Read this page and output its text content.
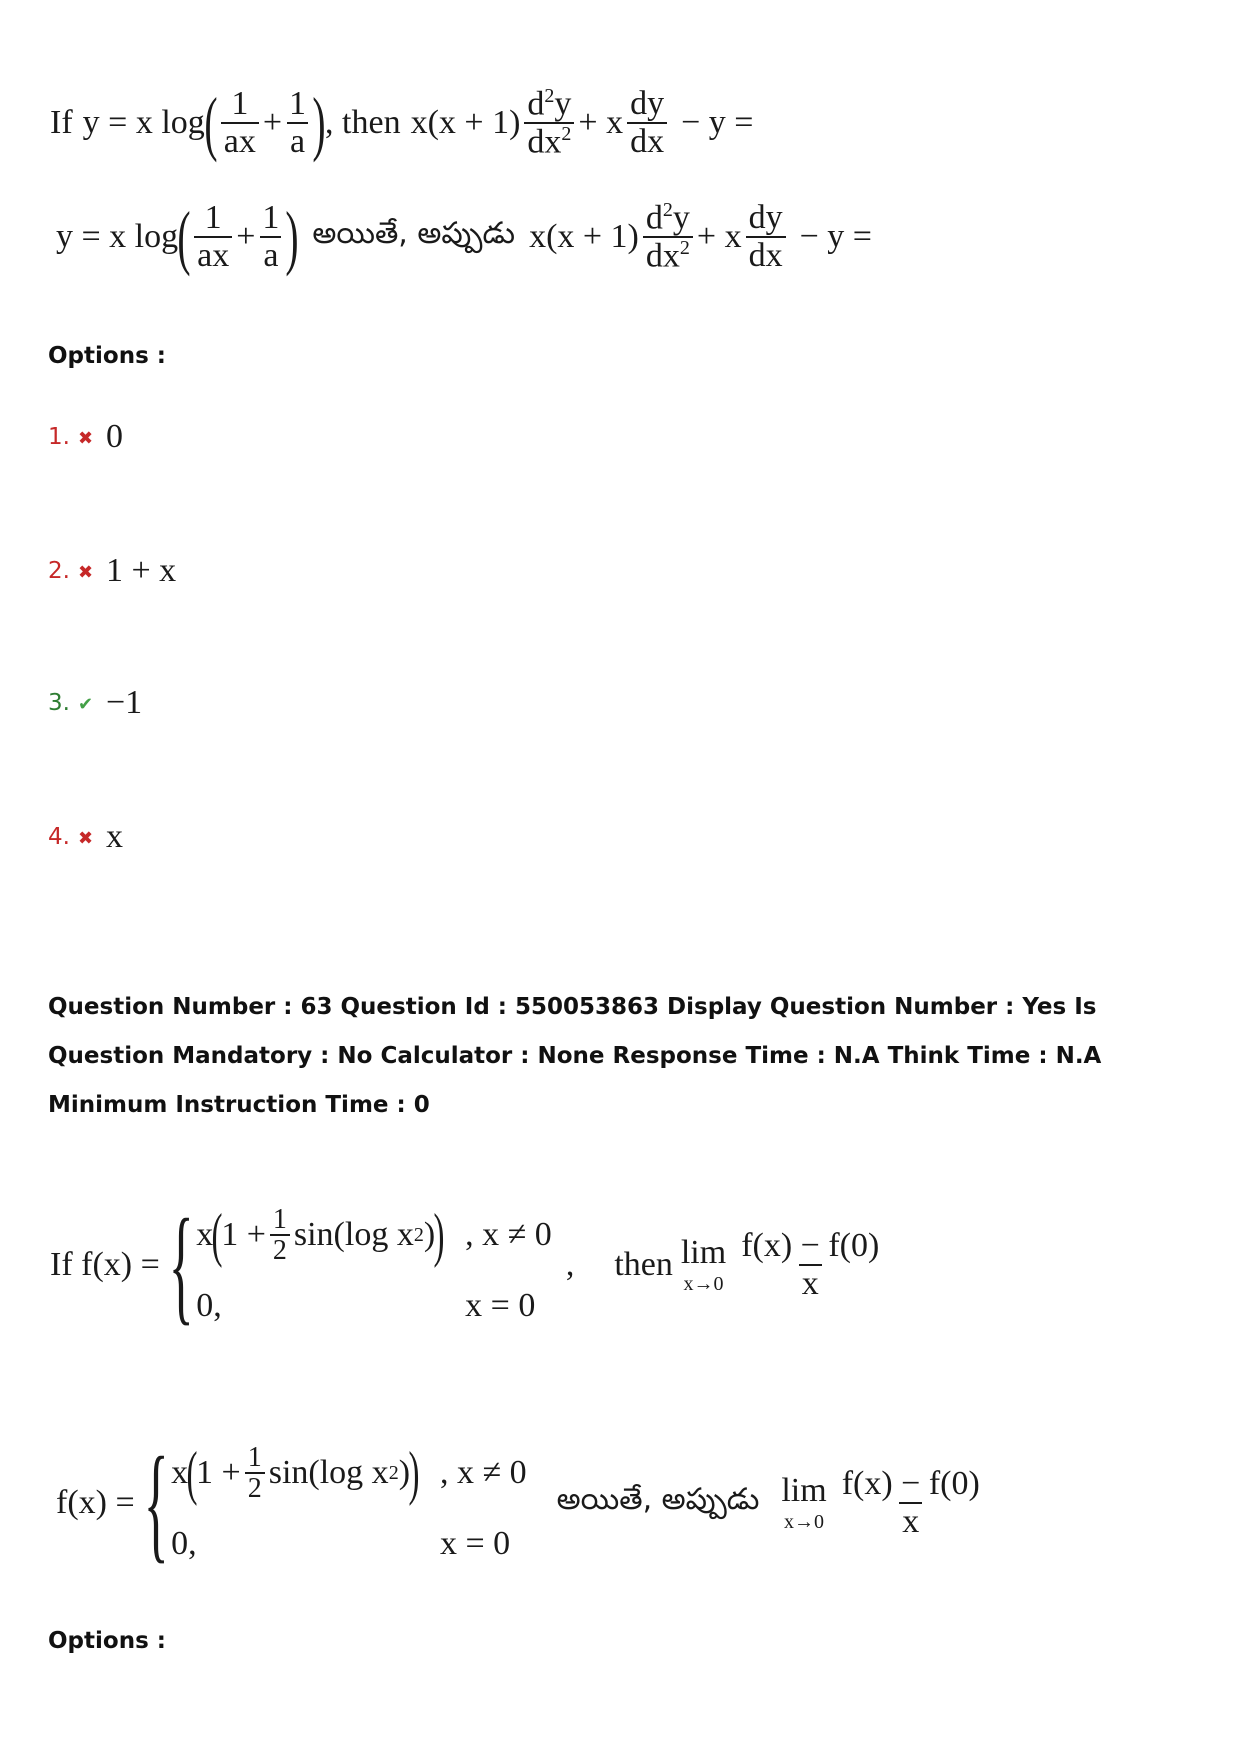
If y = x log ( $\frac{1}{ax} + \frac{1}{a}$ ) , then $x(x + 1) \frac{d^2y}{dx^2} + x \frac{dy}{dx} - y$ =
y = x log ( $\frac{1}{ax} + \frac{1}{a}$ ) అయితే, అప్పుడు $x(x + 1) \frac{d^2y}{dx^2} + x \frac{dy}{dx} - y$ =
Options :
1. ✖ 0
2. ✖ 1 + x
3. ✔ −1
4. ✖ x
Question Number : 63 Question Id : 550053863 Display Question Number : Yes Is Question Mandatory : No Calculator : None Response Time : N.A Think Time : N.A Minimum Instruction Time : 0
If f(x) = { x
(
$1 + \frac{1}{2} \sin(\log$ x 2 )
) , x ≠ 0
0,	x = 0
, then lim
$x\to 0 \frac{f(x) - f(0)}{x}$
f(x) = { x
(
$1 + \frac{1}{2} \sin(\log$ x 2 )
) , x ≠ 0
0,	x = 0
అయితే, అప్పుడు lim
$x\to 0 \frac{f(x) - f(0)}{x}$
Options :
